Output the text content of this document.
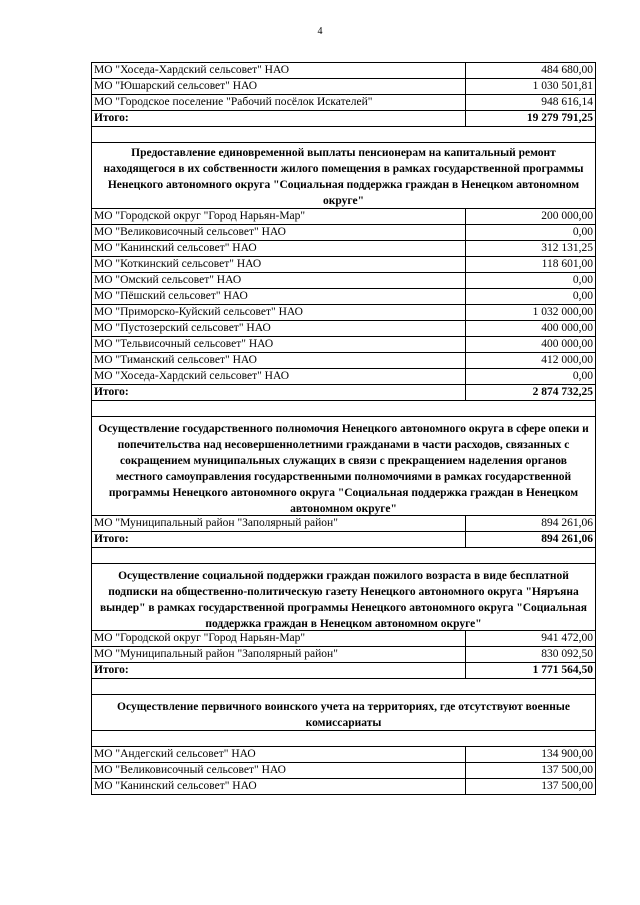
4
МО "Хоседа-Хардский сельсовет" НАО	484 680,00
МО "Юшарский сельсовет" НАО	1 030 501,81
МО "Городское поселение "Рабочий посёлок Искателей"	948 616,14
Итого:	19 279 791,25
Предоставление единовременной выплаты пенсионерам на капитальный ремонт находящегося в их собственности жилого помещения в рамках государственной программы Ненецкого автономного округа "Социальная поддержка граждан в Ненецком автономном округе"
МО "Городской округ "Город Нарьян-Мар"	200 000,00
МО "Великовисочный сельсовет" НАО	0,00
МО "Канинский сельсовет" НАО	312 131,25
МО "Коткинский сельсовет" НАО	118 601,00
МО "Омский сельсовет" НАО	0,00
МО "Пёшский сельсовет" НАО	0,00
МО "Приморско-Куйский сельсовет" НАО	1 032 000,00
МО "Пустозерский сельсовет" НАО	400 000,00
МО "Тельвисочный сельсовет" НАО	400 000,00
МО "Тиманский сельсовет" НАО	412 000,00
МО "Хоседа-Хардский сельсовет" НАО	0,00
Итого:	2 874 732,25
Осуществление государственного полномочия Ненецкого автономного округа в сфере опеки и попечительства над несовершеннолетними гражданами в части расходов, связанных с сокращением муниципальных служащих в связи с прекращением наделения органов местного самоуправления государственными полномочиями в рамках государственной программы Ненецкого автономного округа "Социальная поддержка граждан в Ненецком автономном округе"
МО "Муниципальный район "Заполярный район"	894 261,06
Итого:	894 261,06
Осуществление социальной поддержки граждан пожилого возраста в виде бесплатной подписки на общественно-политическую газету Ненецкого автономного округа "Няръяна вындер" в рамках государственной программы Ненецкого автономного округа "Социальная поддержка граждан в Ненецком автономном округе"
МО "Городской округ "Город Нарьян-Мар"	941 472,00
МО "Муниципальный район "Заполярный район"	830 092,50
Итого:	1 771 564,50
Осуществление первичного воинского учета на территориях, где отсутствуют военные комиссариаты
МО "Андегский сельсовет" НАО	134 900,00
МО "Великовисочный сельсовет" НАО	137 500,00
МО "Канинский сельсовет" НАО	137 500,00
